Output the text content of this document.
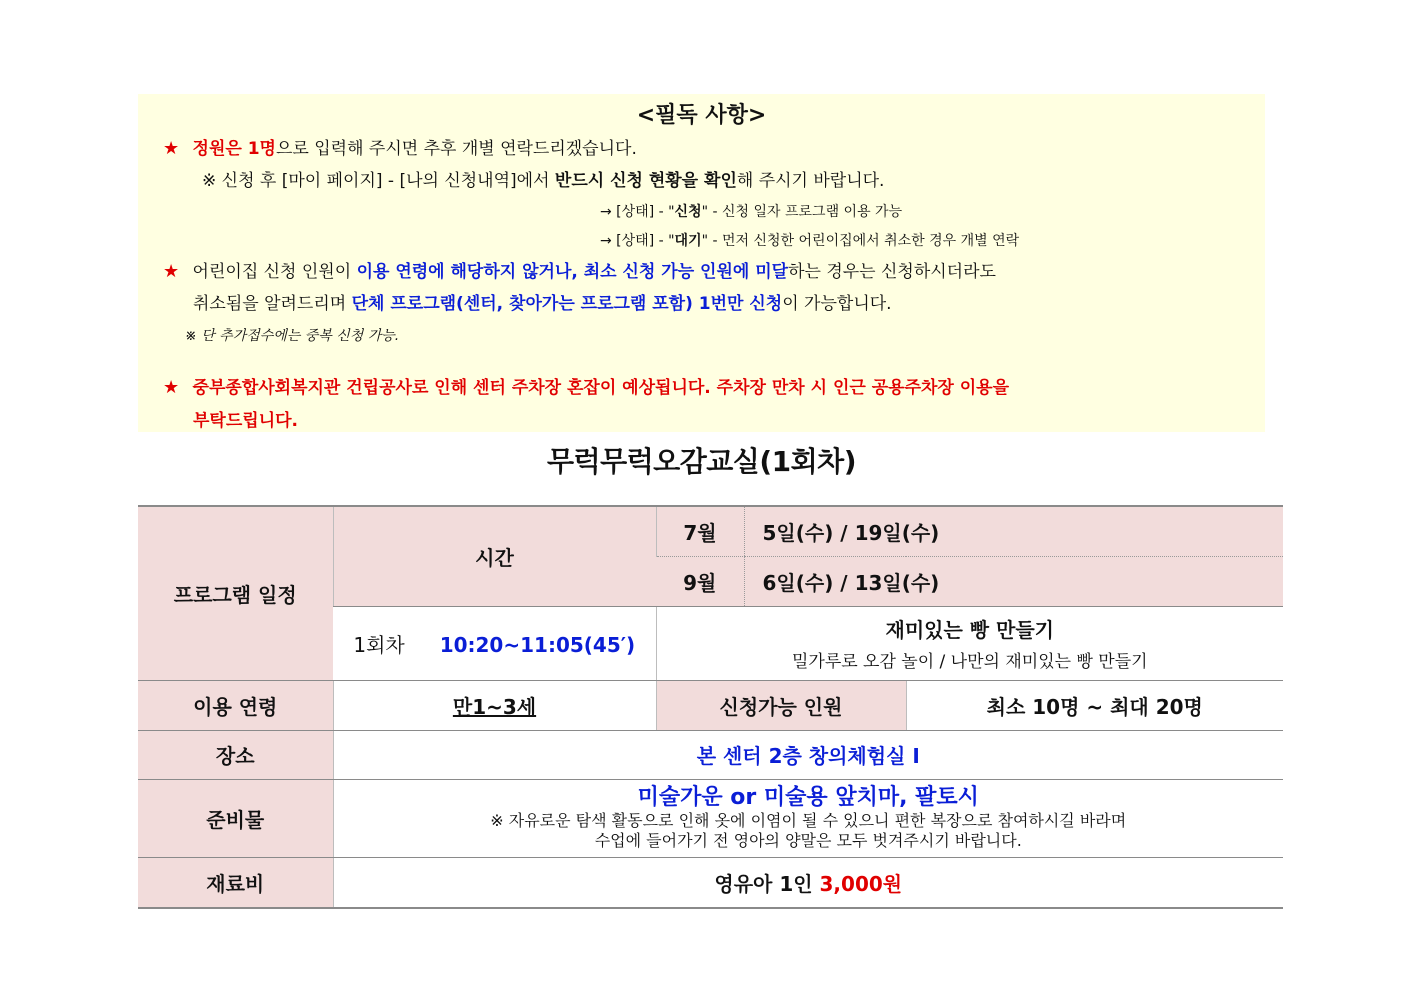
<필독 사항>
★ 정원은 1명으로 입력해 주시면 추후 개별 연락드리겠습니다.
※ 신청 후 [마이 페이지] - [나의 신청내역]에서 반드시 신청 현황을 확인해 주시기 바랍니다.
→ [상태] - "신청" - 신청 일자 프로그램 이용 가능
→ [상태] - "대기" - 먼저 신청한 어린이집에서 취소한 경우 개별 연락
★ 어린이집 신청 인원이 이용 연령에 해당하지 않거나, 최소 신청 가능 인원에 미달하는 경우는 신청하시더라도
취소됨을 알려드리며 단체 프로그램(센터, 찾아가는 프로그램 포함) 1번만 신청이 가능합니다.
※ 단 추가접수에는 중복 신청 가능.
★ 중부종합사회복지관 건립공사로 인해 센터 주차장 혼잡이 예상됩니다. 주차장 만차 시 인근 공용주차장 이용을
부탁드립니다.
무럭무럭오감교실(1회차)
프로그램 일정	시간	7월	5일(수) / 19일(수)	
		9월	6일(수) / 13일(수)	
	1회차 10:20~11:05(45′)	재미있는 빵 만들기
밀가루로 오감 놀이 / 나만의 재미있는 빵 만들기		

이용 연령	만1~3세	신청가능 인원		최소 10명 ~ 최대 20명
장소	본 센터 2층 창의체험실 I			
준비물	미술가운 or 미술용 앞치마, 팔토시
※ 자유로운 탐색 활동으로 인해 옷에 이염이 될 수 있으니 편한 복장으로 참여하시길 바라며
수업에 들어가기 전 영아의 양말은 모두 벗겨주시기 바랍니다.			

재료비	영유아 1인 3,000원			
